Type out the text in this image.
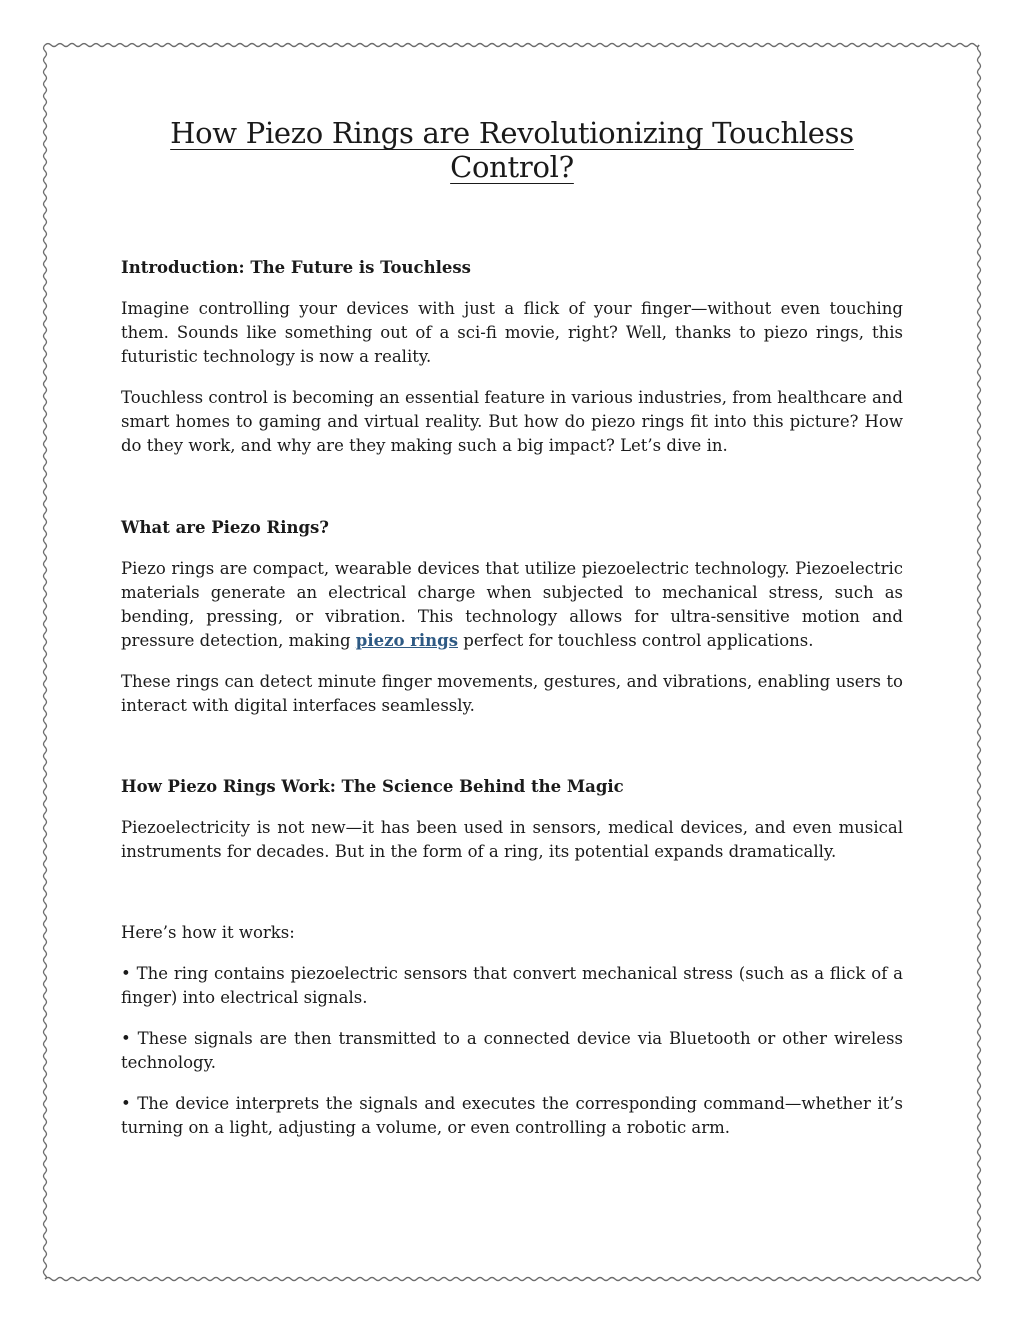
How Piezo Rings are Revolutionizing Touchless Control?

Introduction: The Future is Touchless

Imagine controlling your devices with just a flick of your finger—without even touching them. Sounds like something out of a sci-fi movie, right? Well, thanks to piezo rings, this futuristic technology is now a reality.

Touchless control is becoming an essential feature in various industries, from healthcare and smart homes to gaming and virtual reality. But how do piezo rings fit into this picture? How do they work, and why are they making such a big impact? Let’s dive in.

What are Piezo Rings?

Piezo rings are compact, wearable devices that utilize piezoelectric technology. Piezoelectric materials generate an electrical charge when subjected to mechanical stress, such as bending, pressing, or vibration. This technology allows for ultra-sensitive motion and pressure detection, making piezo rings perfect for touchless control applications.

These rings can detect minute finger movements, gestures, and vibrations, enabling users to interact with digital interfaces seamlessly.

How Piezo Rings Work: The Science Behind the Magic

Piezoelectricity is not new—it has been used in sensors, medical devices, and even musical instruments for decades. But in the form of a ring, its potential expands dramatically.

Here’s how it works:

• The ring contains piezoelectric sensors that convert mechanical stress (such as a flick of a finger) into electrical signals.

• These signals are then transmitted to a connected device via Bluetooth or other wireless technology.

• The device interprets the signals and executes the corresponding command—whether it’s turning on a light, adjusting a volume, or even controlling a robotic arm.
